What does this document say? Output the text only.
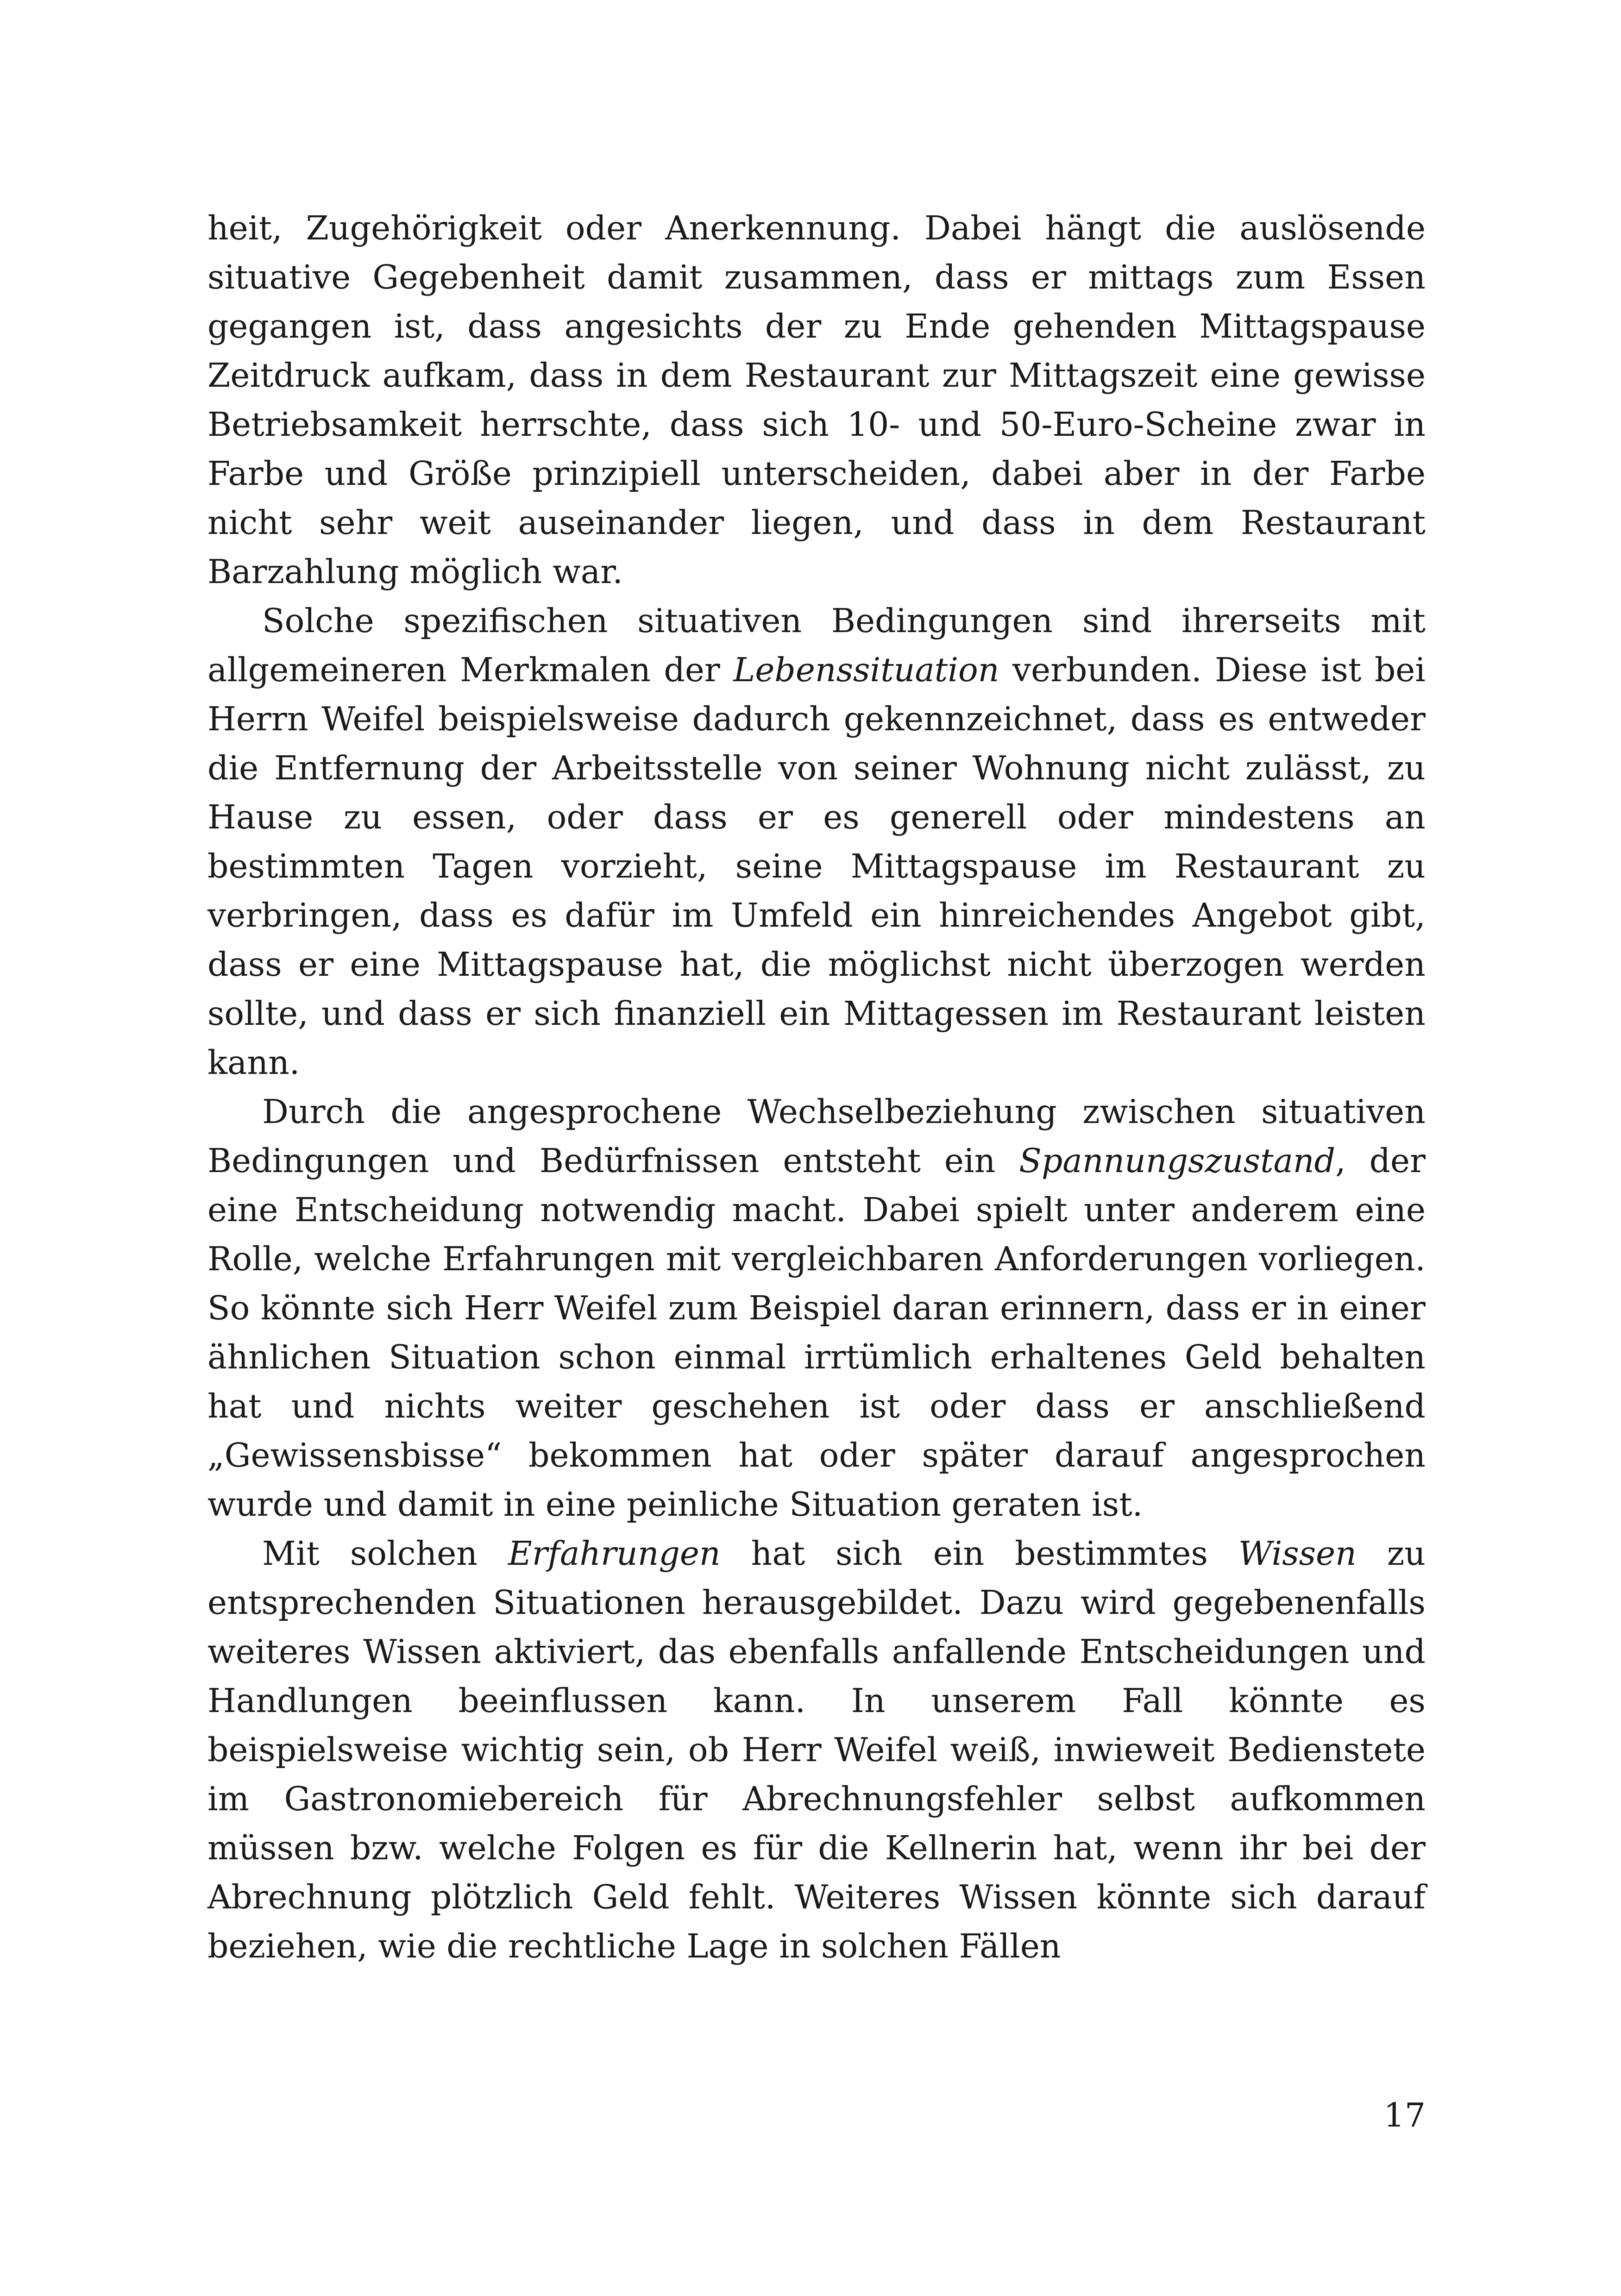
heit, Zugehörigkeit oder Anerkennung. Dabei hängt die auslösende situative Gegebenheit damit zusammen, dass er mittags zum Essen gegangen ist, dass angesichts der zu Ende gehenden Mittagspause Zeitdruck aufkam, dass in dem Restaurant zur Mittagszeit eine gewisse Betriebsamkeit herrschte, dass sich 10- und 50-Euro-Scheine zwar in Farbe und Größe prinzipiell unterscheiden, dabei aber in der Farbe nicht sehr weit auseinander liegen, und dass in dem Restaurant Barzahlung möglich war.

Solche spezifischen situativen Bedingungen sind ihrerseits mit allgemeineren Merkmalen der Lebenssituation verbunden. Diese ist bei Herrn Weifel beispielsweise dadurch gekennzeichnet, dass es entweder die Entfernung der Arbeitsstelle von seiner Wohnung nicht zulässt, zu Hause zu essen, oder dass er es generell oder mindestens an bestimmten Tagen vorzieht, seine Mittagspause im Restaurant zu verbringen, dass es dafür im Umfeld ein hinreichendes Angebot gibt, dass er eine Mittagspause hat, die möglichst nicht überzogen werden sollte, und dass er sich finanziell ein Mittagessen im Restaurant leisten kann.

Durch die angesprochene Wechselbeziehung zwischen situativen Bedingungen und Bedürfnissen entsteht ein Spannungszustand, der eine Entscheidung notwendig macht. Dabei spielt unter anderem eine Rolle, welche Erfahrungen mit vergleichbaren Anforderungen vorliegen. So könnte sich Herr Weifel zum Beispiel daran erinnern, dass er in einer ähnlichen Situation schon einmal irrtümlich erhaltenes Geld behalten hat und nichts weiter geschehen ist oder dass er anschließend „Gewissensbisse“ bekommen hat oder später darauf angesprochen wurde und damit in eine peinliche Situation geraten ist.

Mit solchen Erfahrungen hat sich ein bestimmtes Wissen zu entsprechenden Situationen herausgebildet. Dazu wird gegebenenfalls weiteres Wissen aktiviert, das ebenfalls anfallende Entscheidungen und Handlungen beeinflussen kann. In unserem Fall könnte es beispielsweise wichtig sein, ob Herr Weifel weiß, inwieweit Bedienstete im Gastronomiebereich für Abrechnungsfehler selbst aufkommen müssen bzw. welche Folgen es für die Kellnerin hat, wenn ihr bei der Abrechnung plötzlich Geld fehlt. Weiteres Wissen könnte sich darauf beziehen, wie die rechtliche Lage in solchen Fällen

17
